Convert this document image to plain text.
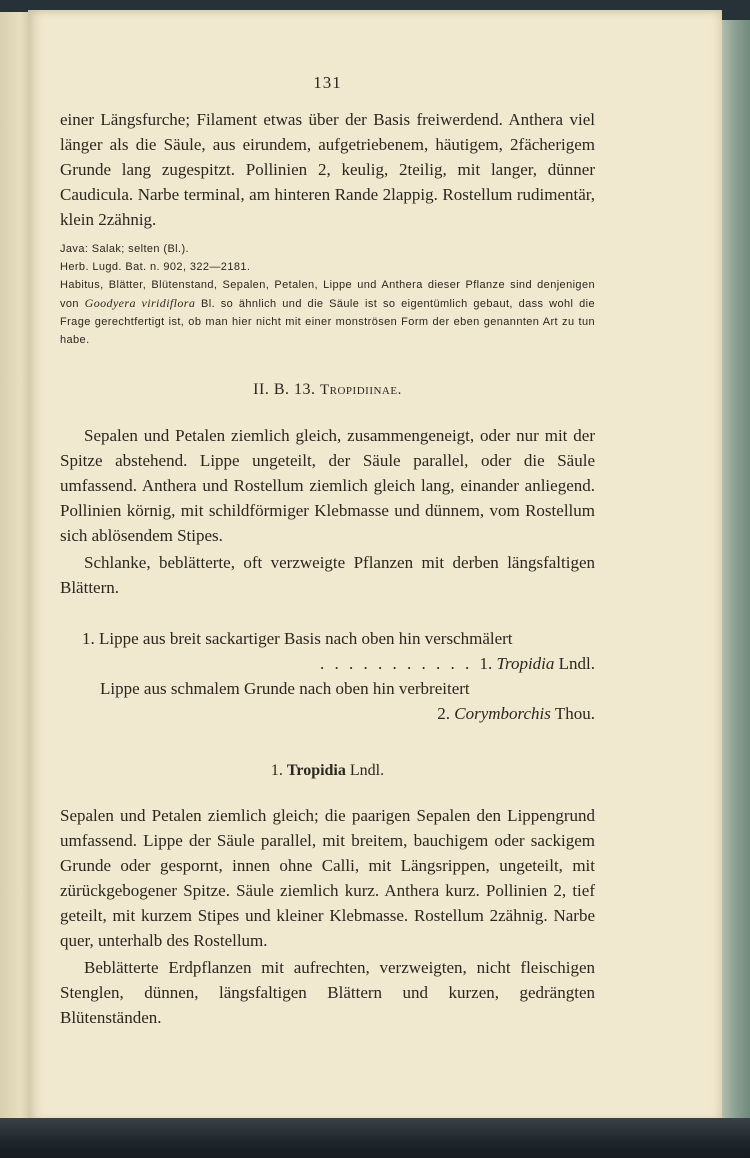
131

einer Längsfurche; Filament etwas über der Basis freiwerdend. Anthera viel länger als die Säule, aus eirundem, aufgetriebenem, häutigem, 2fächerigem Grunde lang zugespitzt. Pollinien 2, keulig, 2teilig, mit langer, dünner Caudicula. Narbe terminal, am hinteren Rande 2lappig. Rostellum rudimentär, klein 2zähnig.

Java: Salak; selten (Bl.).
Herb. Lugd. Bat. n. 902, 322—2181.
Habitus, Blätter, Blütenstand, Sepalen, Petalen, Lippe und Anthera dieser Pflanze sind denjenigen von Goodyera viridiflora Bl. so ähnlich und die Säule ist so eigentümlich gebaut, dass wohl die Frage gerechtfertigt ist, ob man hier nicht mit einer monströsen Form der eben genannten Art zu tun habe.
II. B. 13. Tropidiinae.

Sepalen und Petalen ziemlich gleich, zusammengeneigt, oder nur mit der Spitze abstehend. Lippe ungeteilt, der Säule parallel, oder die Säule umfassend. Anthera und Rostellum ziemlich gleich lang, einander anliegend. Pollinien körnig, mit schildförmiger Klebmasse und dünnem, vom Rostellum sich ablösendem Stipes.

Schlanke, beblätterte, oft verzweigte Pflanzen mit derben längsfaltigen Blättern.

1. Lippe aus breit sackartiger Basis nach oben hin verschmälert
. . . . . . . . . . . 1. Tropidia Lndl.
Lippe aus schmalem Grunde nach oben hin verbreitert
2. Corymborchis Thou.
1. Tropidia Lndl.

Sepalen und Petalen ziemlich gleich; die paarigen Sepalen den Lippengrund umfassend. Lippe der Säule parallel, mit breitem, bauchigem oder sackigem Grunde oder gespornt, innen ohne Calli, mit Längsrippen, ungeteilt, mit zürückgebogener Spitze. Säule ziemlich kurz. Anthera kurz. Pollinien 2, tief geteilt, mit kurzem Stipes und kleiner Klebmasse. Rostellum 2zähnig. Narbe quer, unterhalb des Rostellum.

Beblätterte Erdpflanzen mit aufrechten, verzweigten, nicht fleischigen Stenglen, dünnen, längsfaltigen Blättern und kurzen, gedrängten Blütenständen.
